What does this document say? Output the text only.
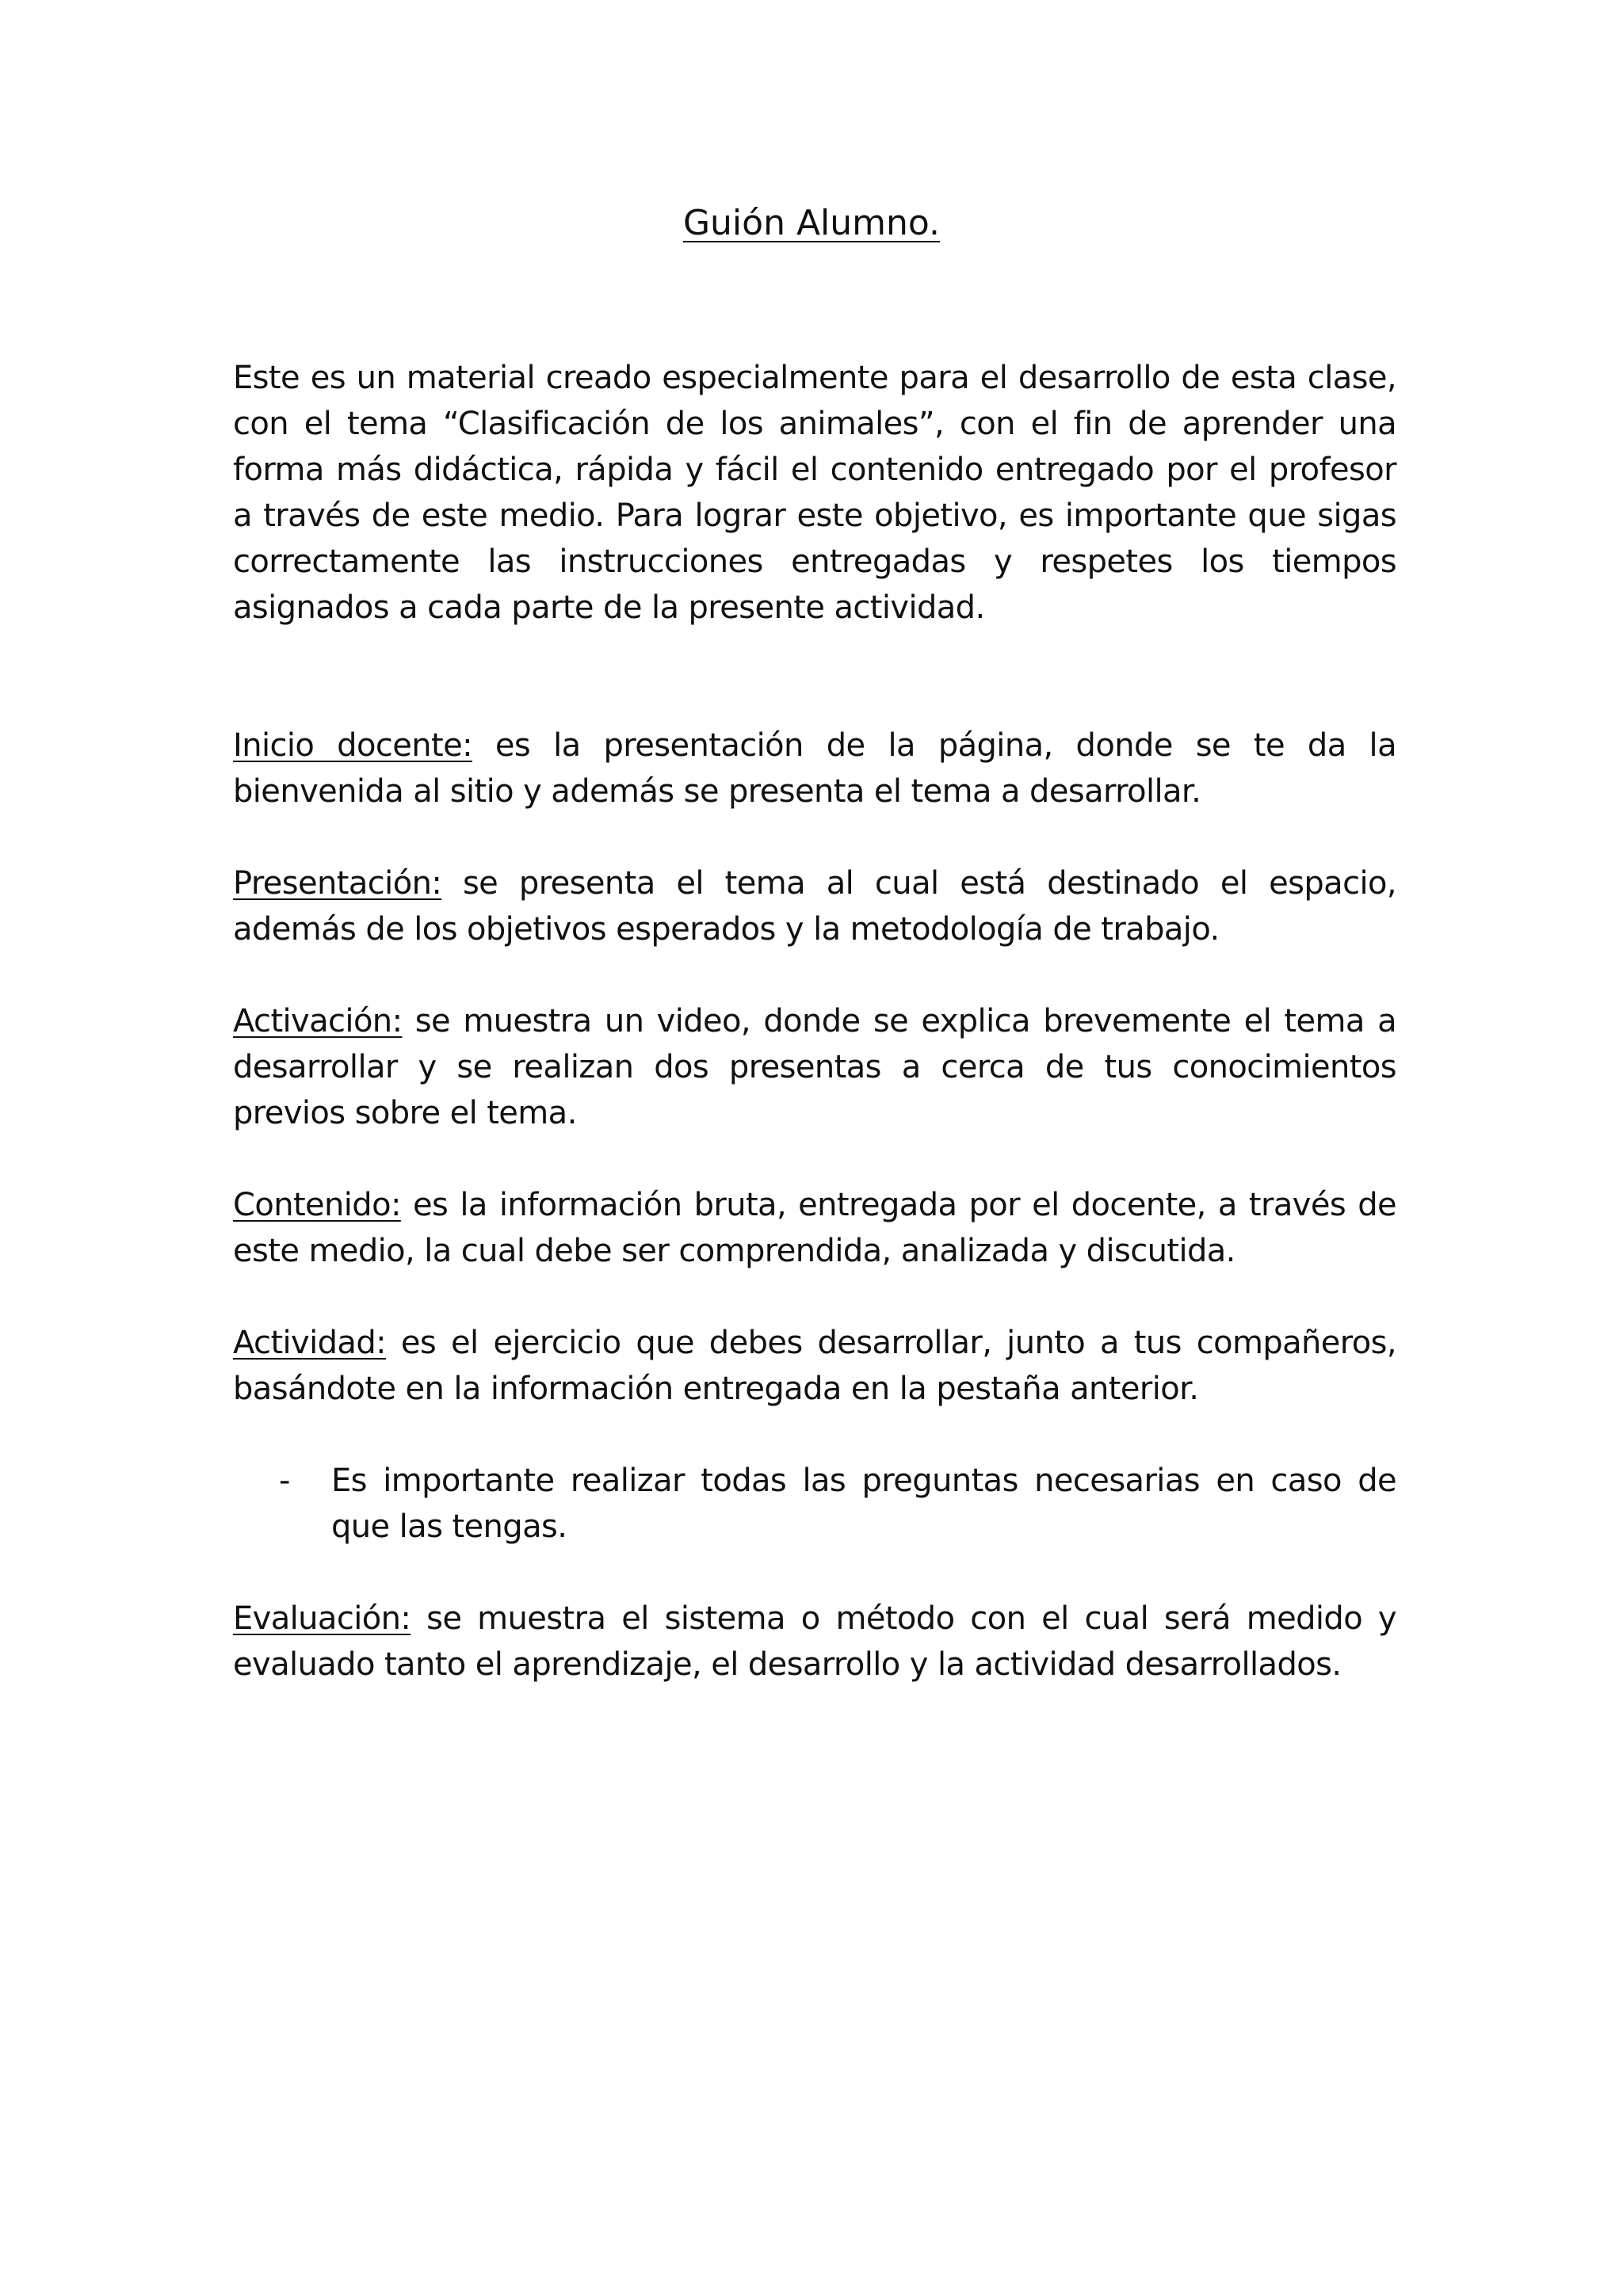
Guión Alumno.

Este es un material creado especialmente para el desarrollo de esta clase, con el tema “Clasificación de los animales”, con el fin de aprender una forma más didáctica, rápida y fácil el contenido entregado por el profesor a través de este medio. Para lograr este objetivo, es importante que sigas correctamente las instrucciones entregadas y respetes los tiempos asignados a cada parte de la presente actividad.

Inicio docente: es la presentación de la página, donde se te da la bienvenida al sitio y además se presenta el tema a desarrollar.

Presentación: se presenta el tema al cual está destinado el espacio, además de los objetivos esperados y la metodología de trabajo.

Activación: se muestra un video, donde se explica brevemente el tema a desarrollar y se realizan dos presentas a cerca de tus conocimientos previos sobre el tema.

Contenido: es la información bruta, entregada por el docente, a través de este medio, la cual debe ser comprendida, analizada y discutida.

Actividad: es el ejercicio que debes desarrollar, junto a tus compañeros, basándote en la información entregada en la pestaña anterior.

- Es importante realizar todas las preguntas necesarias en caso de que las tengas.

Evaluación: se muestra el sistema o método con el cual será medido y evaluado tanto el aprendizaje, el desarrollo y la actividad desarrollados.
